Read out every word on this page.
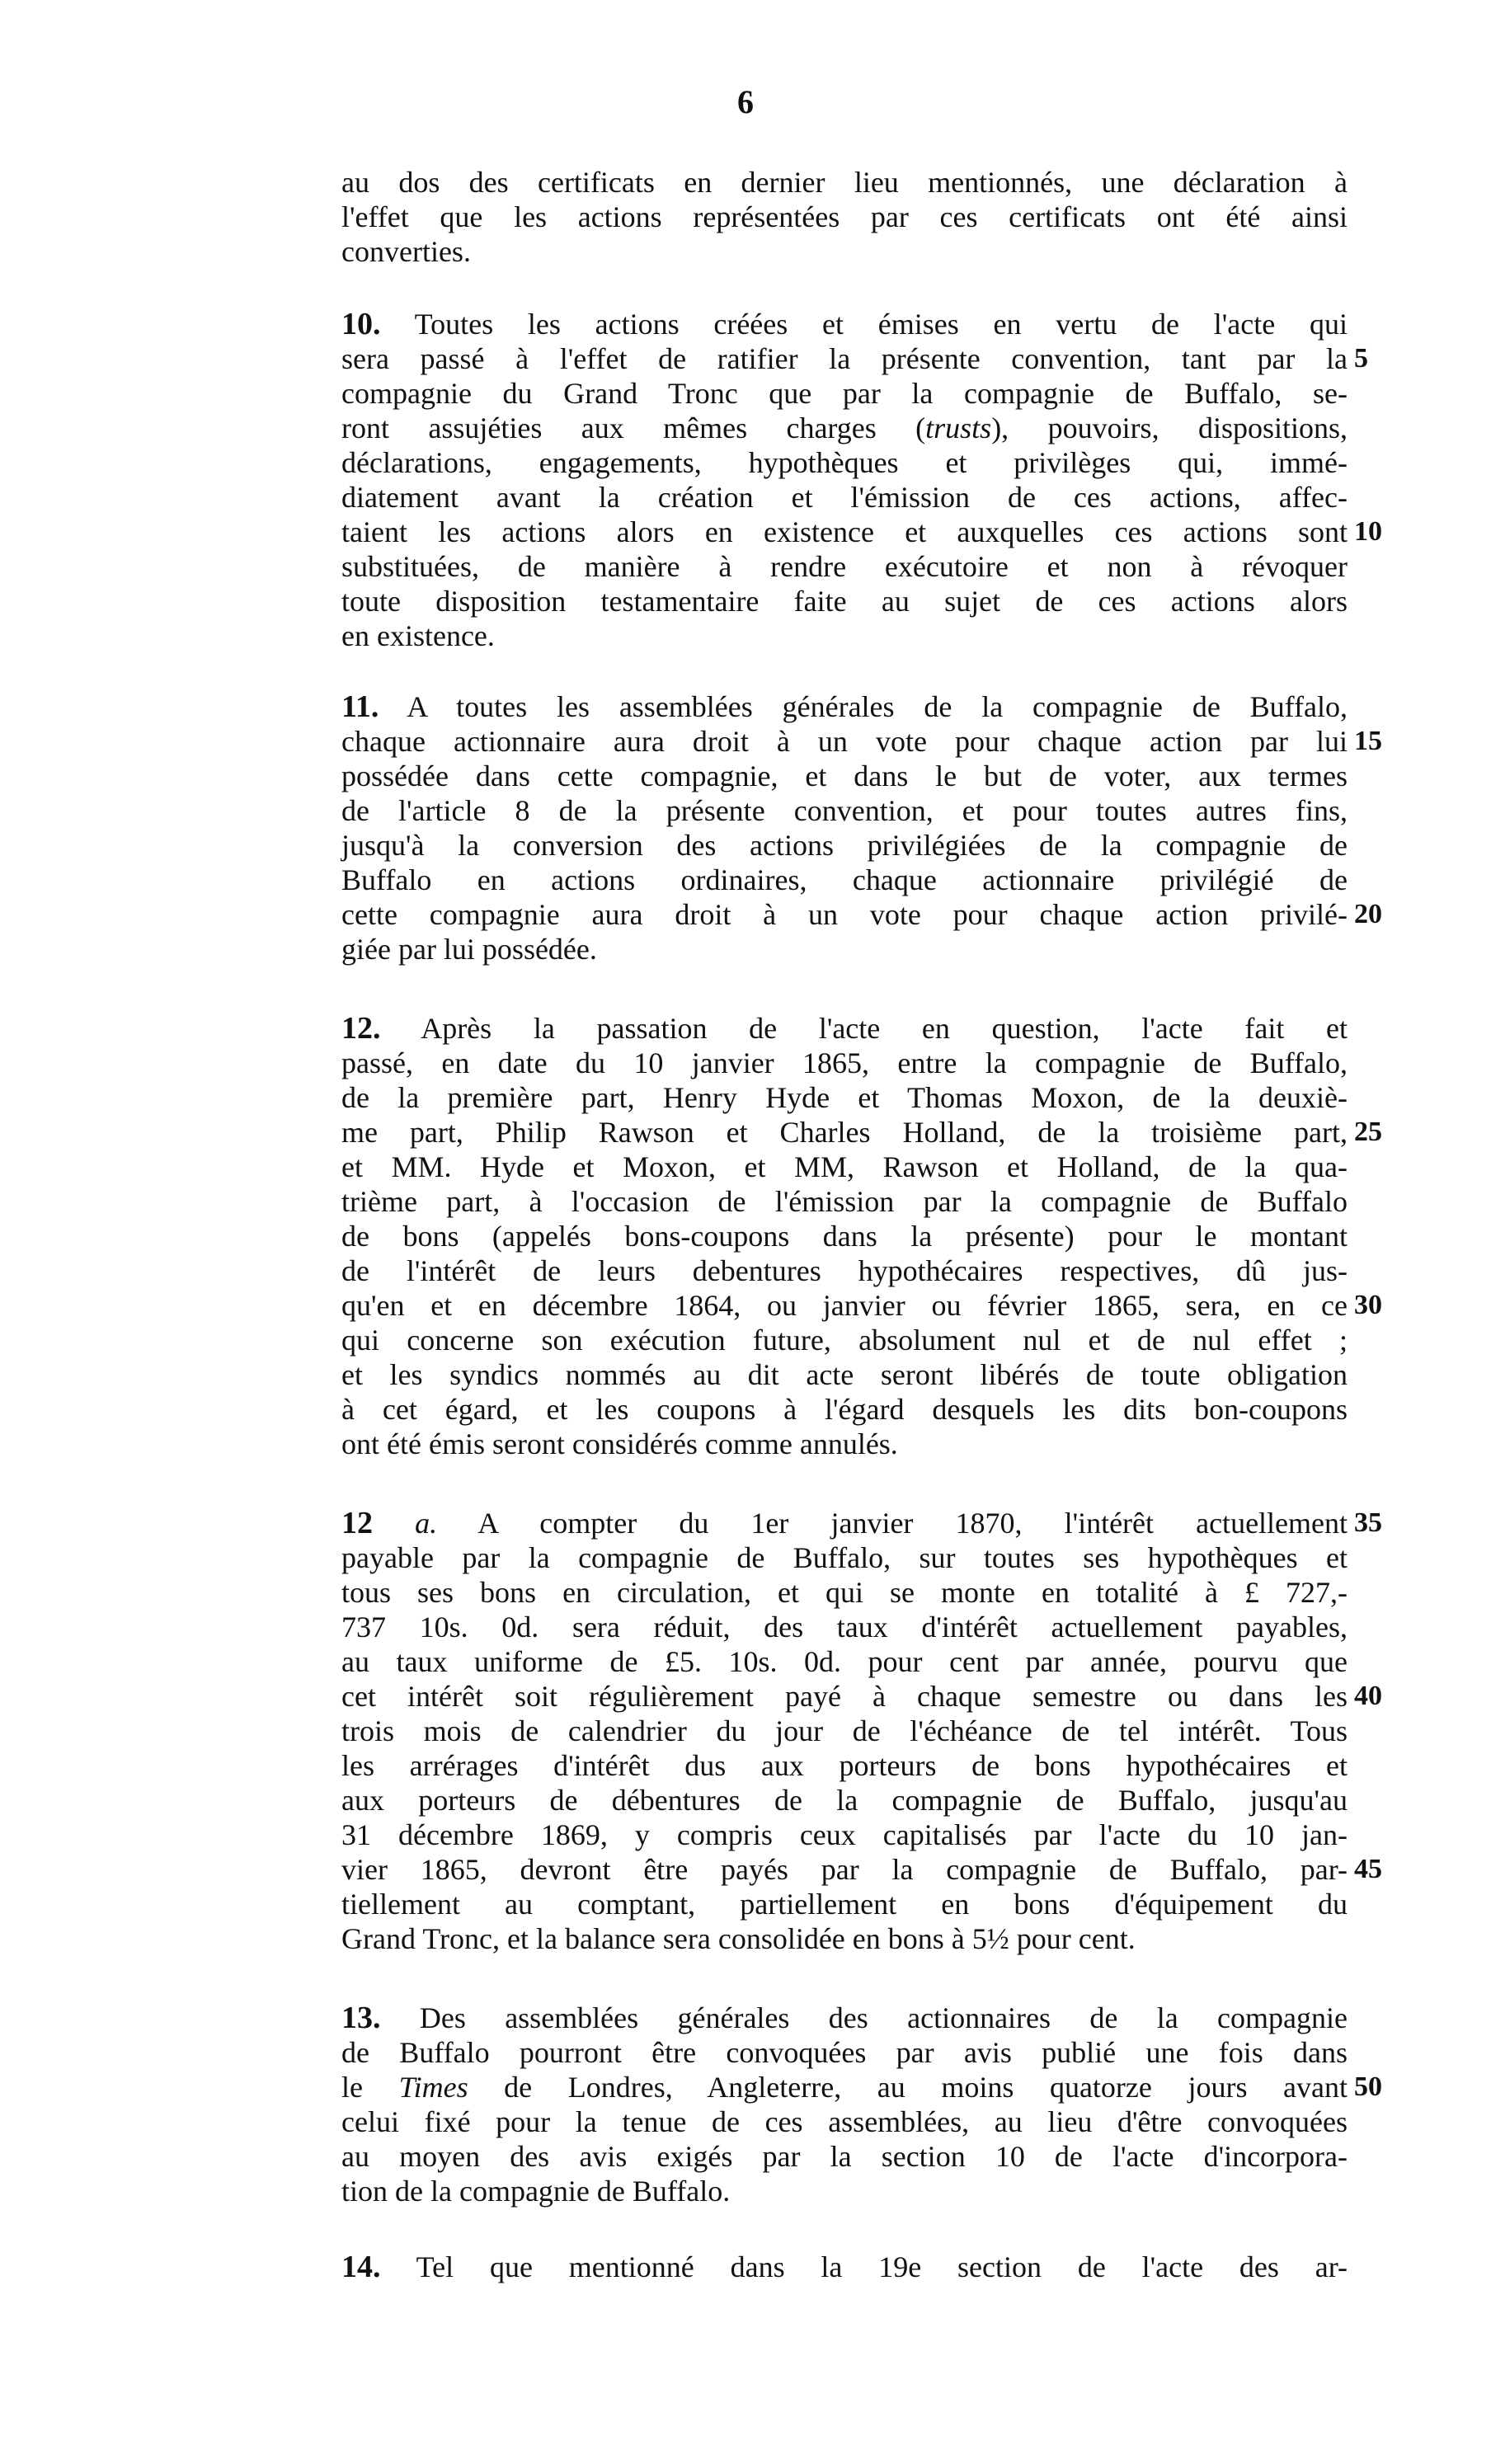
6
au dos des certificats en dernier lieu mentionnés, une déclaration à
l'effet que les actions représentées par ces certificats ont été ainsi
converties.
10. Toutes les actions créées et émises en vertu de l'acte qui
sera passé à l'effet de ratifier la présente convention, tant par la 5
compagnie du Grand Tronc que par la compagnie de Buffalo, se-
ront assujéties aux mêmes charges (trusts), pouvoirs, dispositions,
déclarations, engagements, hypothèques et privilèges qui, immé-
diatement avant la création et l'émission de ces actions, affec-
taient les actions alors en existence et auxquelles ces actions sont 10
substituées, de manière à rendre exécutoire et non à révoquer
toute disposition testamentaire faite au sujet de ces actions alors
en existence.
11. A toutes les assemblées générales de la compagnie de Buffalo,
chaque actionnaire aura droit à un vote pour chaque action par lui 15
possédée dans cette compagnie, et dans le but de voter, aux termes
de l'article 8 de la présente convention, et pour toutes autres fins,
jusqu'à la conversion des actions privilégiées de la compagnie de
Buffalo en actions ordinaires, chaque actionnaire privilégié de
cette compagnie aura droit à un vote pour chaque action privilé- 20
giée par lui possédée.
12. Après la passation de l'acte en question, l'acte fait et
passé, en date du 10 janvier 1865, entre la compagnie de Buffalo,
de la première part, Henry Hyde et Thomas Moxon, de la deuxiè-
me part, Philip Rawson et Charles Holland, de la troisième part, 25
et MM. Hyde et Moxon, et MM, Rawson et Holland, de la qua-
trième part, à l'occasion de l'émission par la compagnie de Buffalo
de bons (appelés bons-coupons dans la présente) pour le montant
de l'intérêt de leurs debentures hypothécaires respectives, dû jus-
qu'en et en décembre 1864, ou janvier ou février 1865, sera, en ce 30
qui concerne son exécution future, absolument nul et de nul effet ;
et les syndics nommés au dit acte seront libérés de toute obligation
à cet égard, et les coupons à l'égard desquels les dits bon-coupons
ont été émis seront considérés comme annulés.
12 a. A compter du 1er janvier 1870, l'intérêt actuellement 35
payable par la compagnie de Buffalo, sur toutes ses hypothèques et
tous ses bons en circulation, et qui se monte en totalité à £ 727,-
737 10s. 0d. sera réduit, des taux d'intérêt actuellement payables,
au taux uniforme de £5. 10s. 0d. pour cent par année, pourvu que
cet intérêt soit régulièrement payé à chaque semestre ou dans les 40
trois mois de calendrier du jour de l'échéance de tel intérêt. Tous
les arrérages d'intérêt dus aux porteurs de bons hypothécaires et
aux porteurs de débentures de la compagnie de Buffalo, jusqu'au
31 décembre 1869, y compris ceux capitalisés par l'acte du 10 jan-
vier 1865, devront être payés par la compagnie de Buffalo, par- 45
tiellement au comptant, partiellement en bons d'équipement du
Grand Tronc, et la balance sera consolidée en bons à 5½ pour cent.
13. Des assemblées générales des actionnaires de la compagnie
de Buffalo pourront être convoquées par avis publié une fois dans
le Times de Londres, Angleterre, au moins quatorze jours avant 50
celui fixé pour la tenue de ces assemblées, au lieu d'être convoquées
au moyen des avis exigés par la section 10 de l'acte d'incorpora-
tion de la compagnie de Buffalo.
14. Tel que mentionné dans la 19e section de l'acte des ar-
